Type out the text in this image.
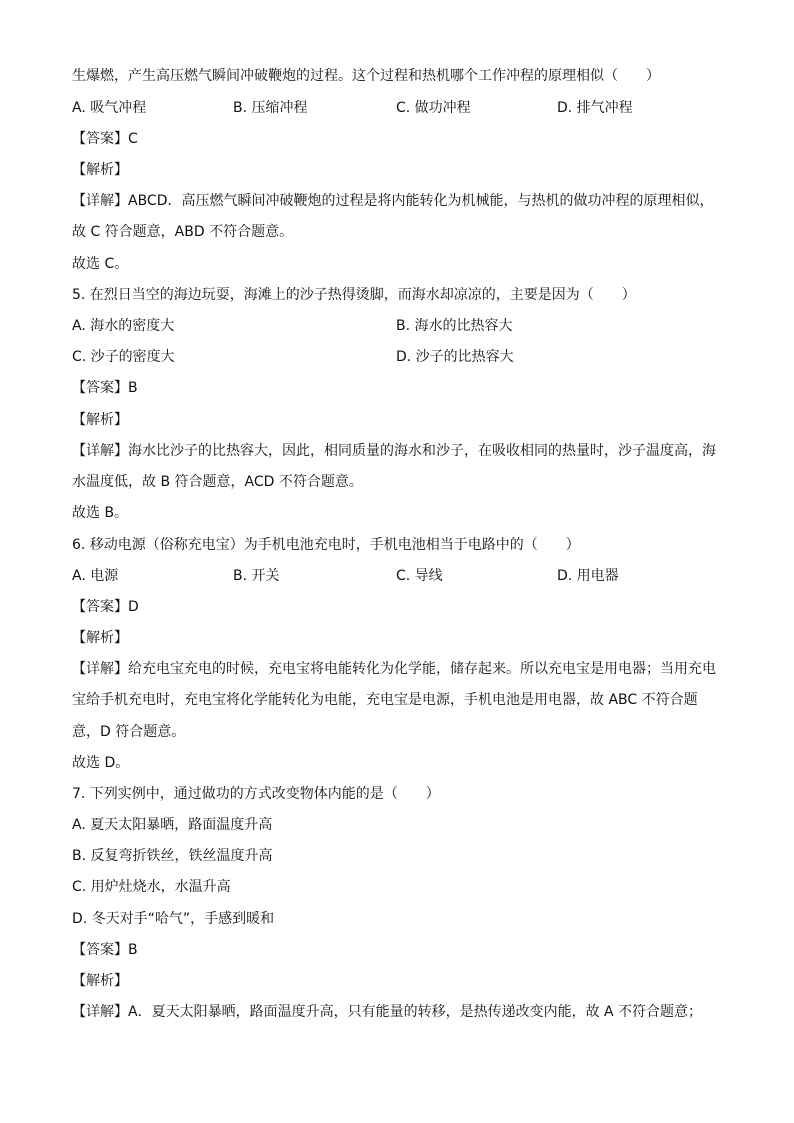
生爆燃，产生高压燃气瞬间冲破鞭炮的过程。这个过程和热机哪个工作冲程的原理相似（　　）
A. 吸气冲程	B. 压缩冲程	C. 做功冲程	D. 排气冲程
【答案】C
【解析】
【详解】ABCD．高压燃气瞬间冲破鞭炮的过程是将内能转化为机械能，与热机的做功冲程的原理相似，
故 C 符合题意，ABD 不符合题意。
故选 C。
5. 在烈日当空的海边玩耍，海滩上的沙子热得烫脚，而海水却凉凉的，主要是因为（　　）
A. 海水的密度大	B. 海水的比热容大
C. 沙子的密度大	D. 沙子的比热容大
【答案】B
【解析】
【详解】海水比沙子的比热容大，因此，相同质量的海水和沙子，在吸收相同的热量时，沙子温度高，海
水温度低，故 B 符合题意，ACD 不符合题意。
故选 B。
6. 移动电源（俗称充电宝）为手机电池充电时，手机电池相当于电路中的（　　）
A. 电源	B. 开关	C. 导线	D. 用电器
【答案】D
【解析】
【详解】给充电宝充电的时候，充电宝将电能转化为化学能，储存起来。所以充电宝是用电器；当用充电
宝给手机充电时，充电宝将化学能转化为电能，充电宝是电源，手机电池是用电器，故 ABC 不符合题
意，D 符合题意。
故选 D。
7. 下列实例中，通过做功的方式改变物体内能的是（　　）
A. 夏天太阳暴晒，路面温度升高
B. 反复弯折铁丝，铁丝温度升高
C. 用炉灶烧水，水温升高
D. 冬天对手“哈气”，手感到暖和
【答案】B
【解析】
【详解】A．夏天太阳暴晒，路面温度升高，只有能量的转移，是热传递改变内能，故 A 不符合题意；
